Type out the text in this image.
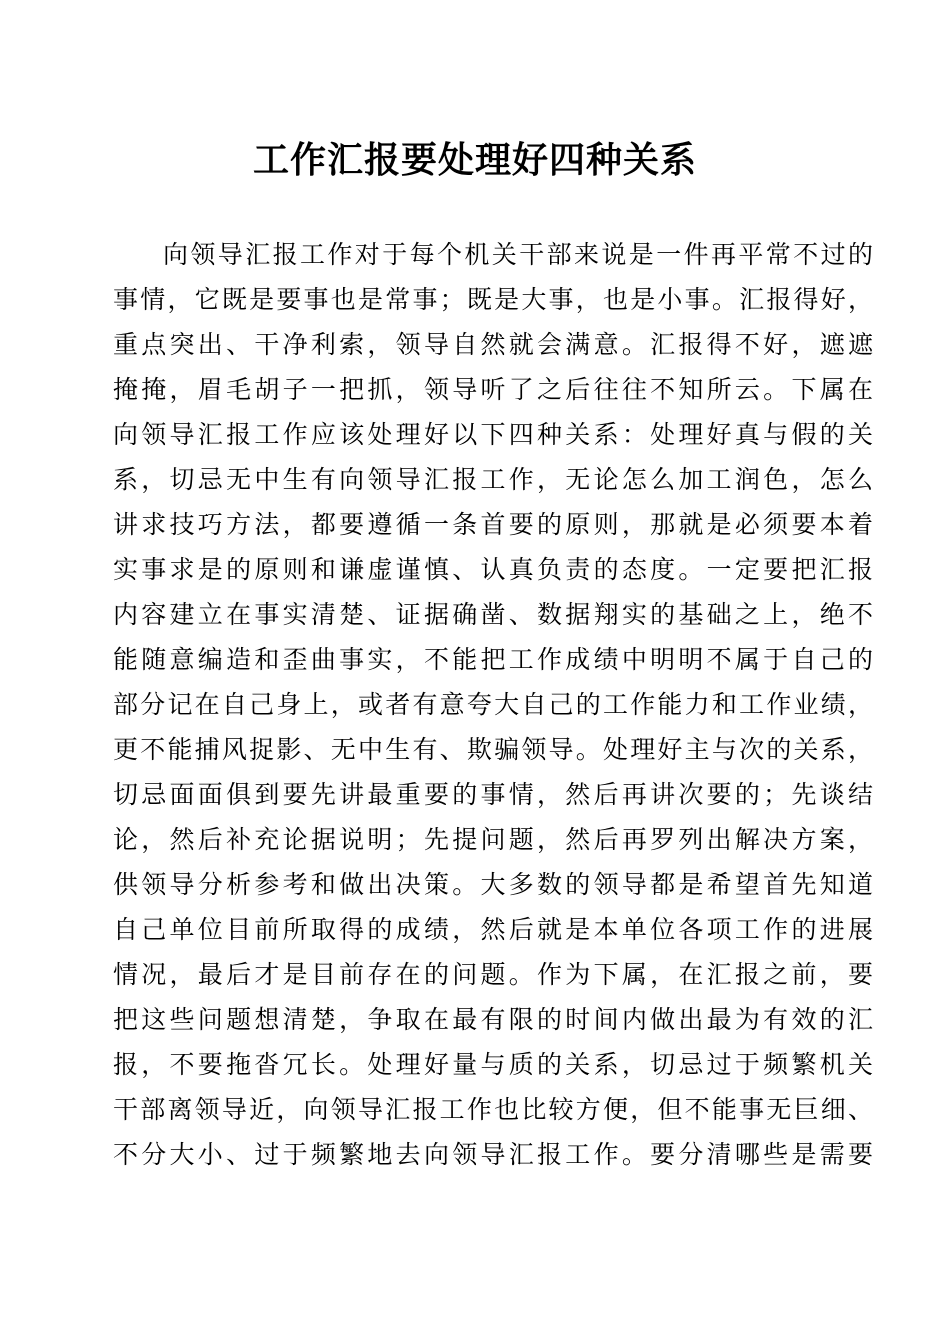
工作汇报要处理好四种关系
向领导汇报工作对于每个机关干部来说是一件再平常不过的
事情，它既是要事也是常事；既是大事，也是小事。汇报得好，
重点突出、干净利索，领导自然就会满意。汇报得不好，遮遮
掩掩，眉毛胡子一把抓，领导听了之后往往不知所云。下属在
向领导汇报工作应该处理好以下四种关系：处理好真与假的关
系，切忌无中生有向领导汇报工作，无论怎么加工润色，怎么
讲求技巧方法，都要遵循一条首要的原则，那就是必须要本着
实事求是的原则和谦虚谨慎、认真负责的态度。一定要把汇报
内容建立在事实清楚、证据确凿、数据翔实的基础之上，绝不
能随意编造和歪曲事实，不能把工作成绩中明明不属于自己的
部分记在自己身上，或者有意夸大自己的工作能力和工作业绩，
更不能捕风捉影、无中生有、欺骗领导。处理好主与次的关系，
切忌面面俱到要先讲最重要的事情，然后再讲次要的；先谈结
论，然后补充论据说明；先提问题，然后再罗列出解决方案，
供领导分析参考和做出决策。大多数的领导都是希望首先知道
自己单位目前所取得的成绩，然后就是本单位各项工作的进展
情况，最后才是目前存在的问题。作为下属，在汇报之前，要
把这些问题想清楚，争取在最有限的时间内做出最为有效的汇
报，不要拖沓冗长。处理好量与质的关系，切忌过于频繁机关
干部离领导近，向领导汇报工作也比较方便，但不能事无巨细、
不分大小、过于频繁地去向领导汇报工作。要分清哪些是需要
